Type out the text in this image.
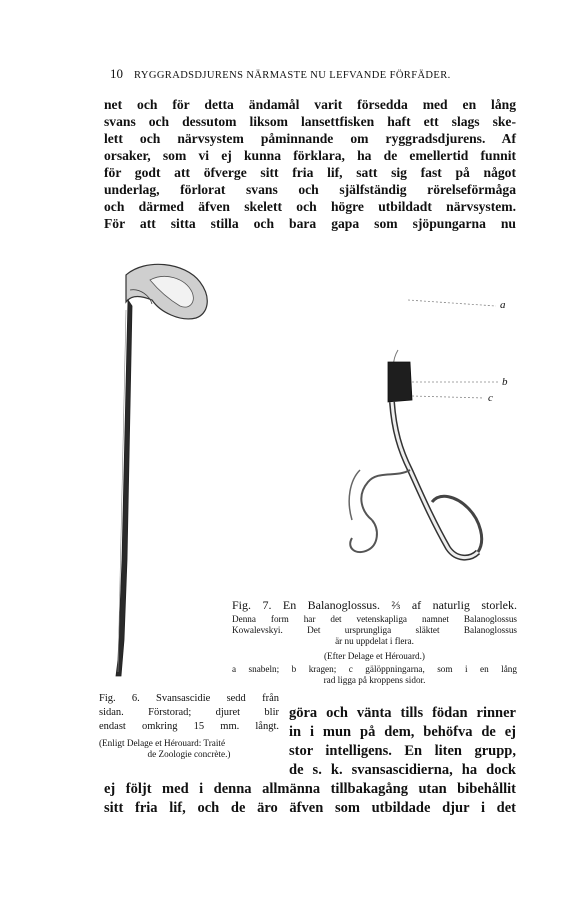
10 RYGGRADSDJURENS NÄRMASTE NU LEFVANDE FÖRFÄDER.
net och för detta ändamål varit försedda med en lång
svans och dessutom liksom lansettfisken haft ett slags ske-
lett och närvsystem påminnande om ryggradsdjurens. Af
orsaker, som vi ej kunna förklara, ha de emellertid funnit
för godt att öfverge sitt fria lif, satt sig fast på något
underlag, förlorat svans och själfständig rörelseförmåga
och därmed äfven skelett och högre utbildadt närvsystem.
För att sitta stilla och bara gapa som sjöpungarna nu
a
b
c
Fig. 7. En Balanoglossus. ⅔ af naturlig storlek.
Denna form har det vetenskapliga namnet Balanoglossus
Kowalevskyi. Det ursprungliga släktet Balanoglossus
är nu uppdelat i flera.
(Efter Delage et Hérouard.)
a snabeln; b kragen; c gälöppningarna, som i en lång
rad ligga på kroppens sidor.
Fig. 6. Svansascidie sedd från
sidan. Förstorad; djuret blir
endast omkring 15 mm. långt.
(Enligt Delage et Hérouard: Traité
de Zoologie concrète.)
göra och vänta tills födan rinner
in i mun på dem, behöfva de ej
stor intelligens. En liten grupp,
de s. k. svansascidierna, ha dock
ej följt med i denna allmänna tillbakagång utan bibehållit
sitt fria lif, och de äro äfven som utbildade djur i det
